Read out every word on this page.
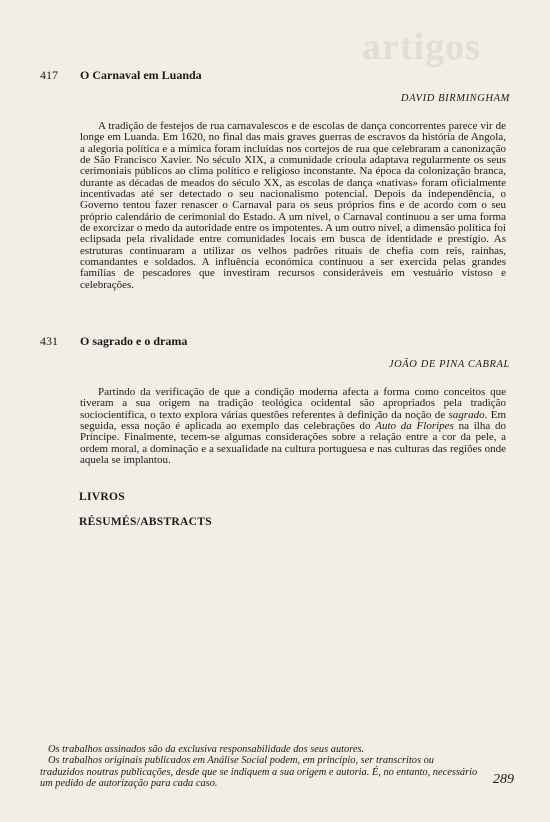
artigos
417	O Carnaval em Luanda
DAVID BIRMINGHAM

A tradição de festejos de rua carnavalescos e de escolas de dança concorrentes parece vir de longe em Luanda. Em 1620, no final das mais graves guerras de escravos da história de Angola, a alegoria política e a mímica foram incluídas nos cortejos de rua que celebraram a canonização de São Francisco Xavier. No século XIX, a comunidade crioula adaptava regularmente os seus cerimoniais públicos ao clima político e religioso inconstante. Na época da colonização branca, durante as décadas de meados do século XX, as escolas de dança «nativas» foram oficialmente incentivadas até ser detectado o seu nacionalismo potencial. Depois da independência, o Governo tentou fazer renascer o Carnaval para os seus próprios fins e de acordo com o seu próprio calendário de cerimonial do Estado. A um nível, o Carnaval continuou a ser uma forma de exorcizar o medo da autoridade entre os impotentes. A um outro nível, a dimensão política foi eclipsada pela rivalidade entre comunidades locais em busca de identidade e prestígio. As estruturas continuaram a utilizar os velhos padrões rituais de chefia com reis, rainhas, comandantes e soldados. A influência económica continuou a ser exercida pelas grandes famílias de pescadores que investiram recursos consideráveis em vestuário vistoso e celebrações.

431	O sagrado e o drama
JOÃO DE PINA CABRAL

Partindo da verificação de que a condição moderna afecta a forma como conceitos que tiveram a sua origem na tradição teológica ocidental são apropriados pela tradição sociocientífica, o texto explora várias questões referentes à definição da noção de sagrado. Em seguida, essa noção é aplicada ao exemplo das celebrações do Auto da Floripes na ilha do Príncipe. Finalmente, tecem-se algumas considerações sobre a relação entre a cor da pele, a ordem moral, a dominação e a sexualidade na cultura portuguesa e nas culturas das regiões onde aquela se implantou.

LIVROS
RÉSUMÉS/ABSTRACTS

Os trabalhos assinados são da exclusiva responsabilidade dos seus autores.

Os trabalhos originais publicados em Análise Social podem, em princípio, ser transcritos ou traduzidos noutras publicações, desde que se indiquem a sua origem e autoria. É, no entanto, necessário um pedido de autorização para cada caso.	289
